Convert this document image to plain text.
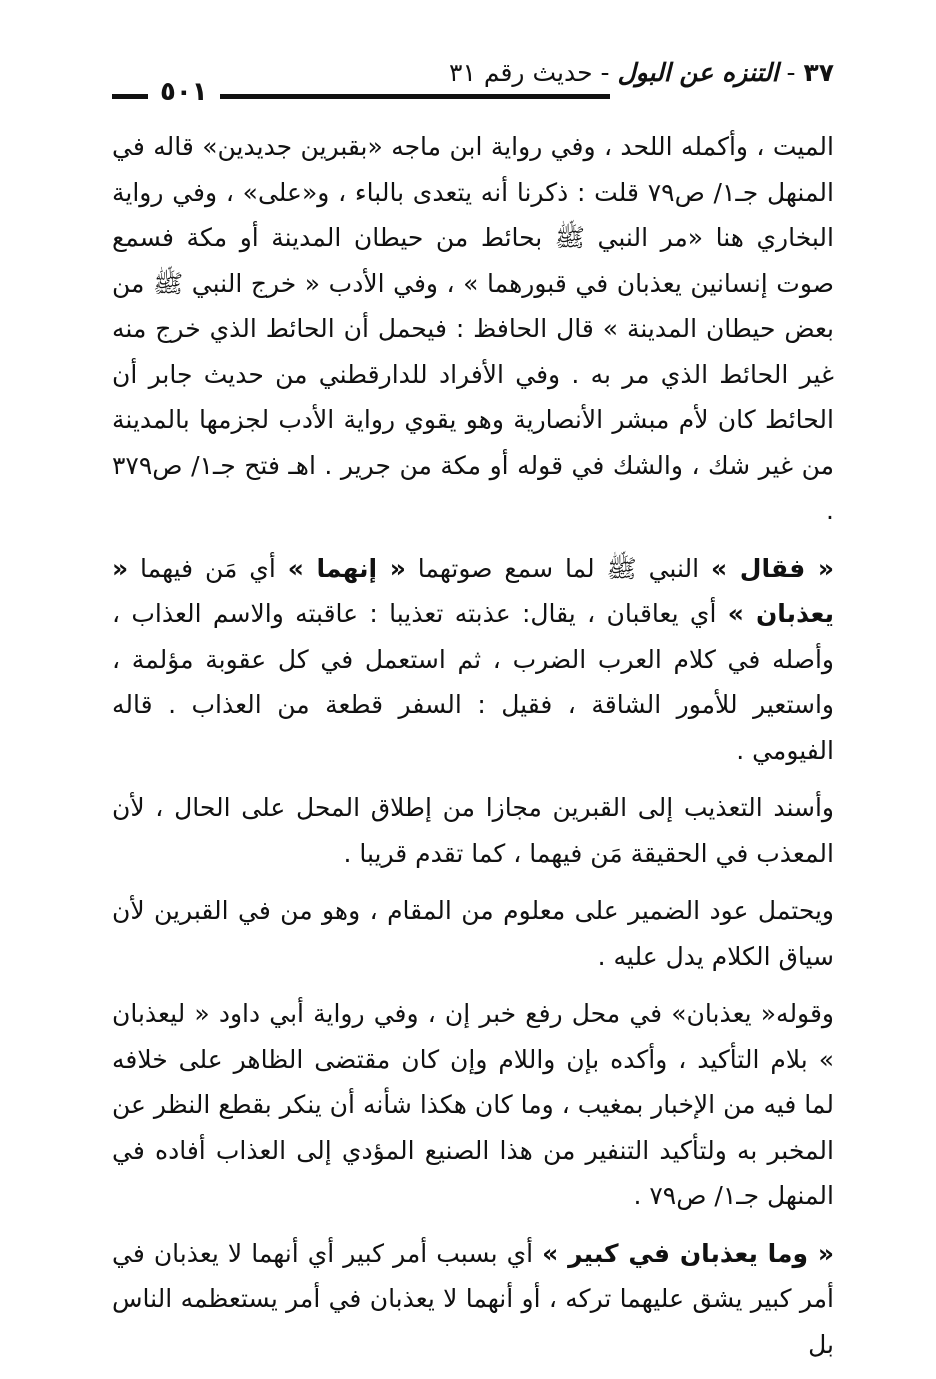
٥٠١
٣٧ - التنزه عن البول - حديث رقم ٣١

الميت ، وأكمله اللحد ، وفي رواية ابن ماجه «بقبرين جديدين» قاله في المنهل جـ١/ ص٧٩ قلت : ذكرنا أنه يتعدى بالباء ، و«على» ، وفي رواية البخاري هنا «مر النبي ﷺ بحائط من حيطان المدينة أو مكة فسمع صوت إنسانين يعذبان في قبورهما » ، وفي الأدب « خرج النبي ﷺ من بعض حيطان المدينة » قال الحافظ : فيحمل أن الحائط الذي خرج منه غير الحائط الذي مر به . وفي الأفراد للدارقطني من حديث جابر أن الحائط كان لأم مبشر الأنصارية وهو يقوي رواية الأدب لجزمها بالمدينة من غير شك ، والشك في قوله أو مكة من جرير . اهـ فتح جـ١/ ص٣٧٩ .

« فقال » النبي ﷺ لما سمع صوتهما « إنهما » أي مَن فيهما « يعذبان » أي يعاقبان ، يقال: عذبته تعذيبا : عاقبته والاسم العذاب ، وأصله في كلام العرب الضرب ، ثم استعمل في كل عقوبة مؤلمة ، واستعير للأمور الشاقة ، فقيل : السفر قطعة من العذاب . قاله الفيومي .

وأسند التعذيب إلى القبرين مجازا من إطلاق المحل على الحال ، لأن المعذب في الحقيقة مَن فيهما ، كما تقدم قريبا .

ويحتمل عود الضمير على معلوم من المقام ، وهو من في القبرين لأن سياق الكلام يدل عليه .

وقوله« يعذبان» في محل رفع خبر إن ، وفي رواية أبي داود « ليعذبان » بلام التأكيد ، وأكده بإن واللام وإن كان مقتضى الظاهر على خلافه لما فيه من الإخبار بمغيب ، وما كان هكذا شأنه أن ينكر بقطع النظر عن المخبر به ولتأكيد التنفير من هذا الصنيع المؤدي إلى العذاب أفاده في المنهل جـ١/ ص٧٩ .

« وما يعذبان في كبير » أي بسبب أمر كبير أي أنهما لا يعذبان في أمر كبير يشق عليهما تركه ، أو أنهما لا يعذبان في أمر يستعظمه الناس بل
